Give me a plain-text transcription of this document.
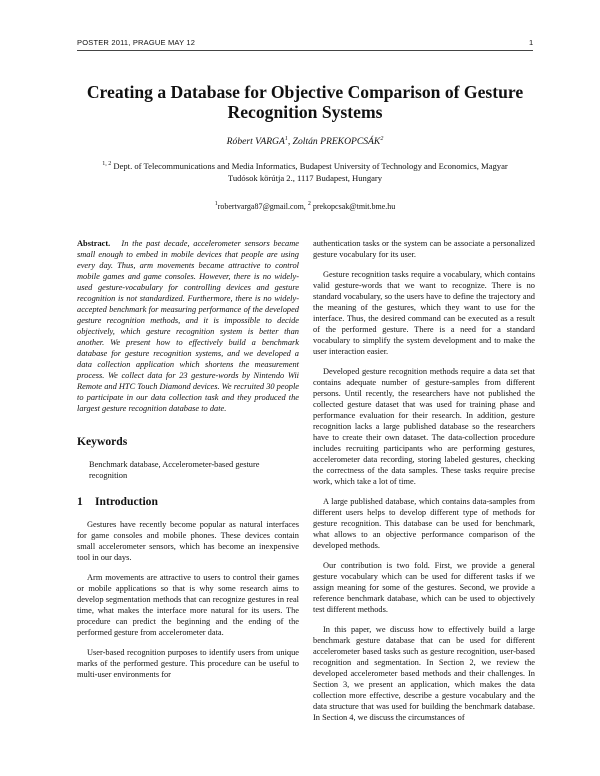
POSTER 2011, PRAGUE MAY 12	1
Creating a Database for Objective Comparison of Gesture Recognition Systems
Róbert VARGA$^1$, Zoltán PREKOPCSÁK$^2$
$^{1, 2}$ Dept. of Telecommunications and Media Informatics, Budapest University of Technology and Economics, Magyar
Tudósok körútja 2., 1117 Budapest, Hungary
$^1$robertvarga87@gmail.com, $^2$ prekopcsak@tmit.bme.hu

Abstract. In the past decade, accelerometer sensors became small enough to embed in mobile devices that people are using every day. Thus, arm movements became attractive to control mobile games and game consoles. However, there is no widely-used gesture-vocabulary for controlling devices and gesture recognition is not standardized. Furthermore, there is no widely-accepted benchmark for measuring performance of the developed gesture recognition methods, and it is impossible to decide objectively, which gesture recognition system is better than another. We present how to effectively build a benchmark database for gesture recognition systems, and we developed a data collection application which shortens the measurement process. We collect data for 23 gesture-words by Nintendo Wii Remote and HTC Touch Diamond devices. We recruited 30 people to participate in our data collection task and they produced the largest gesture recognition database to date.

Keywords

Benchmark database, Accelerometer-based gesture recognition

1 Introduction

Gestures have recently become popular as natural interfaces for game consoles and mobile phones. These devices contain small accelerometer sensors, which has become an inexpensive tool in our days.

Arm movements are attractive to users to control their games or mobile applications so that is why some research aims to develop segmentation methods that can recognize gestures in real time, what makes the interface more natural for its users. The procedure can predict the beginning and the ending of the performed gesture from accelerometer data.

User-based recognition purposes to identify users from unique marks of the performed gesture. This procedure can be useful to multi-user environments for

authentication tasks or the system can be associate a personalized gesture vocabulary for its user.

Gesture recognition tasks require a vocabulary, which contains valid gesture-words that we want to recognize. There is no standard vocabulary, so the users have to define the trajectory and the meaning of the gestures, which they want to use for the interface. Thus, the desired command can be executed as a result of the performed gesture. There is a need for a standard vocabulary to simplify the system development and to make the user interaction easier.

Developed gesture recognition methods require a data set that contains adequate number of gesture-samples from different persons. Until recently, the researchers have not published the collected gesture dataset that was used for training phase and performance evaluation for their research. In addition, gesture recognition lacks a large published database so the researchers have to create their own dataset. The data-collection procedure includes recruiting participants who are performing gestures, accelerometer data recording, storing labeled gestures, checking the correctness of the data samples. These tasks require precise work, which take a lot of time.

A large published database, which contains data-samples from different users helps to develop different type of methods for gesture recognition. This database can be used for benchmark, what allows to an objective performance comparison of the developed methods.

Our contribution is two fold. First, we provide a general gesture vocabulary which can be used for different tasks if we assign meaning for some of the gestures. Second, we provide a reference benchmark database, which can be used to objectively test different methods.

In this paper, we discuss how to effectively build a large benchmark gesture database that can be used for different accelerometer based tasks such as gesture recognition, user-based recognition and segmentation. In Section 2, we review the developed accelerometer based methods and their challenges. In Section 3, we present an application, which makes the data collection more effective, describe a gesture vocabulary and the data structure that was used for building the benchmark database. In Section 4, we discuss the circumstances of
